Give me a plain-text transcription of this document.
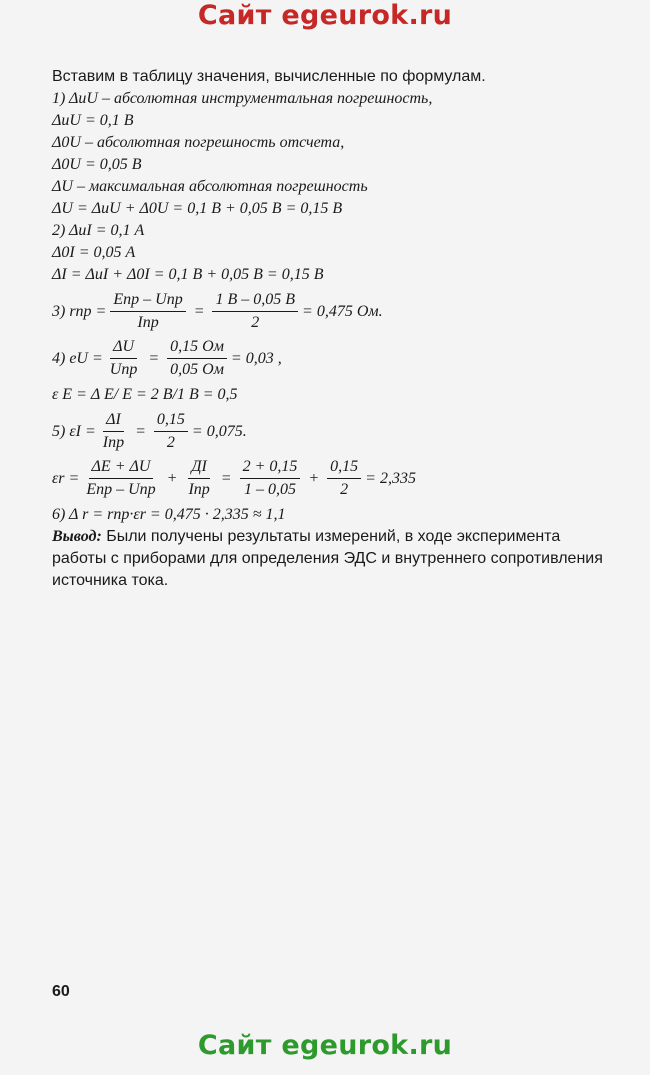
Сайт egeurok.ru
Вставим в таблицу значения, вычисленные по формулам.
1) ΔиU – абсолютная инструментальная погрешность,
ΔиU = 0,1 В
Δ0U – абсолютная погрешность отсчета,
Δ0U = 0,05 В
ΔU – максимальная абсолютная погрешность
ΔU = ΔиU + Δ0U = 0,1 В + 0,05 В = 0,15 В
2) ΔиI = 0,1 А
Δ0I = 0,05 А
ΔI = ΔиI + Δ0I = 0,1 В + 0,05 В = 0,15 В
3) rпр = $\frac{\text{Eпр – Uпр}}{\text{Iпр}} = \frac{1 В - 0,05 В}{2} = 0,475$ Ом.
4) eU = $\frac{\Delta U}{\text{Uпр}} = \frac{0,15 Ом}{0,05 Ом} = 0,03$ ,
ε E = Δ E/ E = 2 В/1 В = 0,5
5) $\varepsilon I = \frac{\Delta I}{\text{Iпр}} = \frac{0,15}{2} = 0,075$.
$\varepsilon r = \frac{\Delta E + \Delta U}{\text{Eпр – Uпр}} + \frac{ДI}{\text{Iпр}} = \frac{2 + 0,15}{1 - 0,05} + \frac{0,15}{2} = 2,335$
6) Δ r = rпр·εr = 0,475 · 2,335 ≈ 1,1
Вывод: Были получены результаты измерений, в ходе эксперимента работы с приборами для определения ЭДС и внутреннего сопротивления источника тока.
60
Сайт egeurok.ru
